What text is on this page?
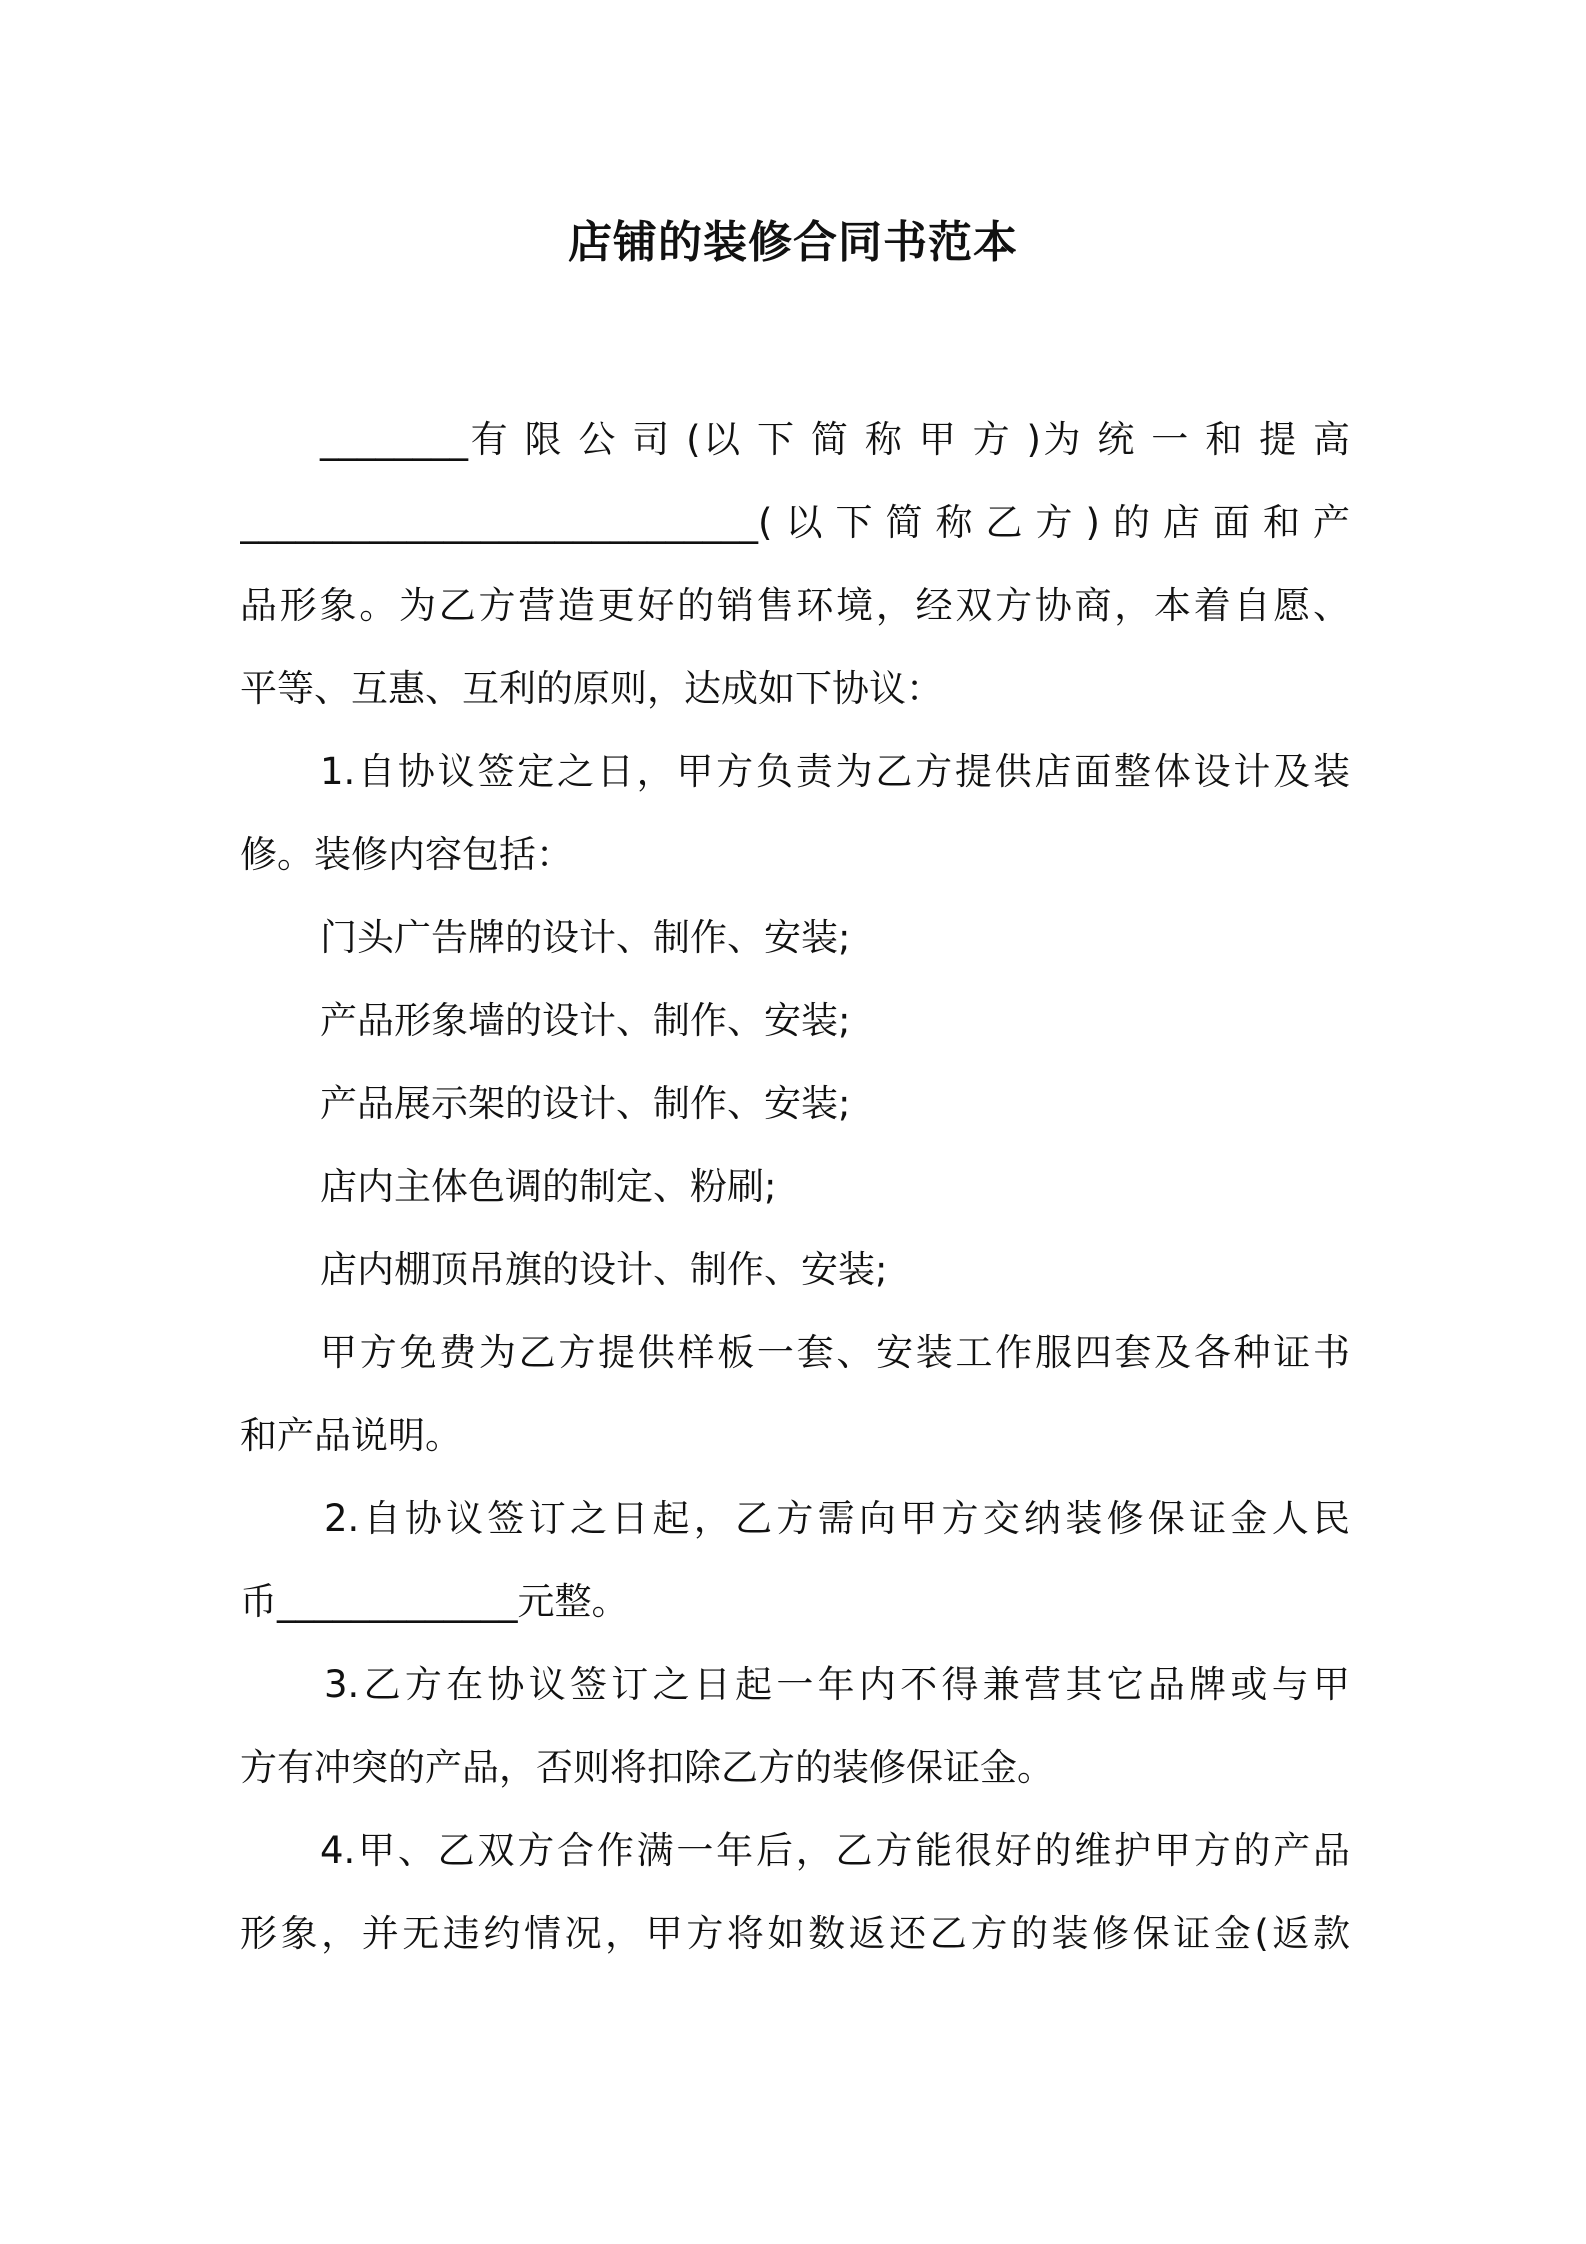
店铺的装修合同书范本
________有 限 公 司 (以 下 简 称 甲 方 )为 统 一 和 提 高
____________________________(以下简称乙方)的店面和产
品形象。为乙方营造更好的销售环境，经双方协商，本着自愿、
平等、互惠、互利的原则，达成如下协议：
1.自协议签定之日，甲方负责为乙方提供店面整体设计及装
修。装修内容包括：
门头广告牌的设计、制作、安装;
产品形象墙的设计、制作、安装;
产品展示架的设计、制作、安装;
店内主体色调的制定、粉刷;
店内棚顶吊旗的设计、制作、安装;
甲方免费为乙方提供样板一套、安装工作服四套及各种证书
和产品说明。
2.自协议签订之日起，乙方需向甲方交纳装修保证金人民
币_____________元整。
3.乙方在协议签订之日起一年内不得兼营其它品牌或与甲
方有冲突的产品，否则将扣除乙方的装修保证金。
4.甲、乙双方合作满一年后，乙方能很好的维护甲方的产品
形象，并无违约情况，甲方将如数返还乙方的装修保证金(返款
